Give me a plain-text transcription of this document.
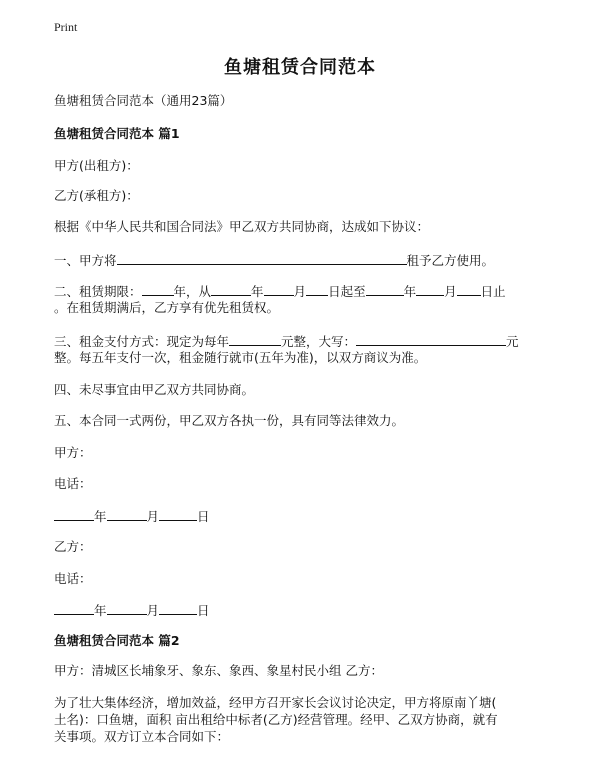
Print
鱼塘租赁合同范本
鱼塘租赁合同范本（通用23篇）
鱼塘租赁合同范本 篇1
甲方(出租方)：
乙方(承租方)：
根据《中华人民共和国合同法》甲乙双方共同协商，达成如下协议：
一、甲方将	租予乙方使用。
二、租赁期限：	年，从	年 月 日起至	年 月 日止
。在租赁期满后，乙方享有优先租赁权。
三、租金支付方式：现定为每年	元整，大写：	元
整。每五年支付一次，租金随行就市(五年为准)，以双方商议为准。
四、未尽事宜由甲乙双方共同协商。
五、本合同一式两份，甲乙双方各执一份，具有同等法律效力。
甲方：
电话：
年	月	日
乙方：
电话：
年	月	日
鱼塘租赁合同范本 篇2
甲方：清城区长埔象牙、象东、象西、象星村民小组 乙方：
为了壮大集体经济，增加效益，经甲方召开家长会议讨论决定，甲方将原南丫塘(
土名)：口鱼塘，面积 亩出租给中标者(乙方)经营管理。经甲、乙双方协商，就有
关事项。双方订立本合同如下：
